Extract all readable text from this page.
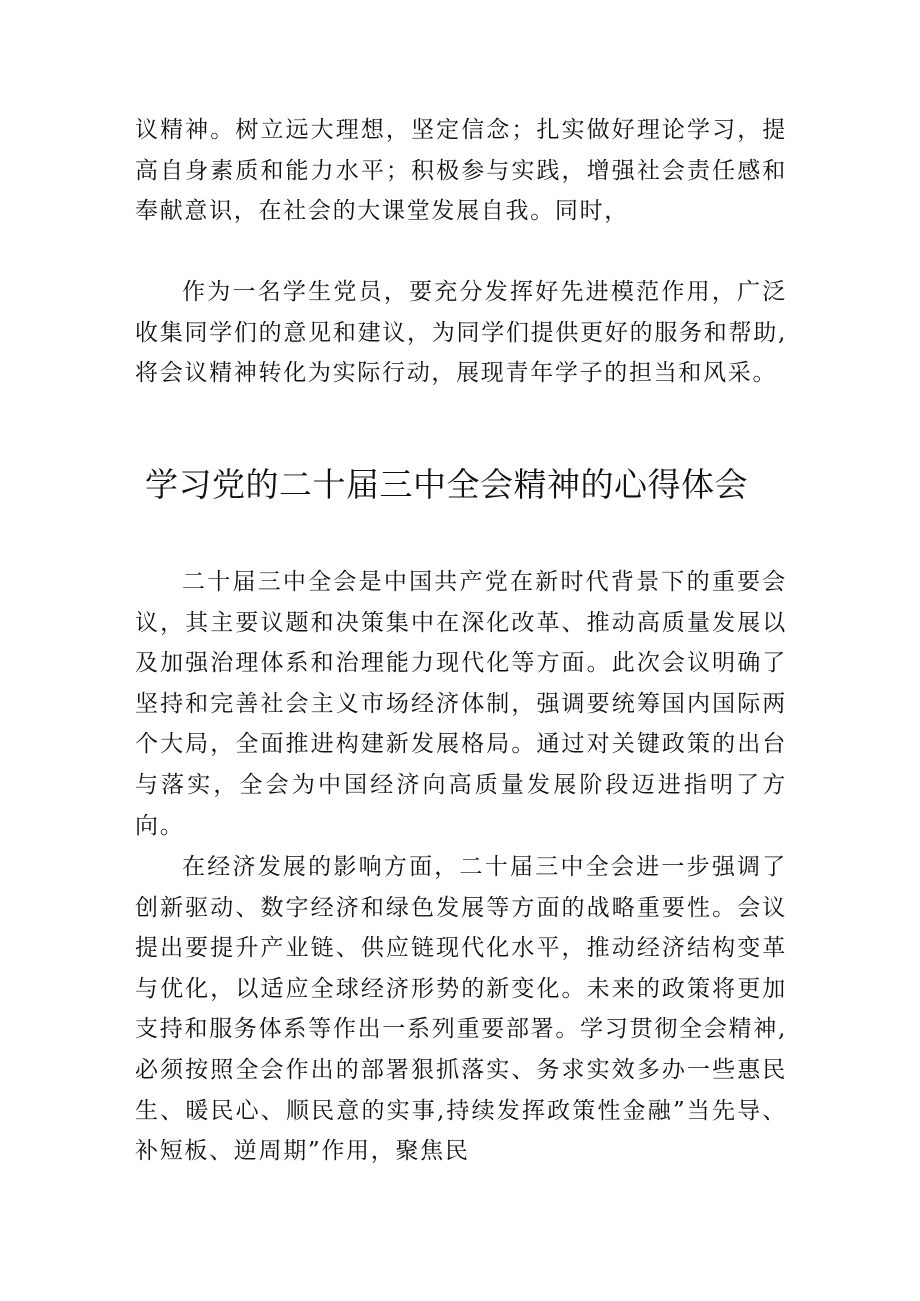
议精神。树立远大理想，坚定信念；扎实做好理论学习，提高自身素质和能力水平；积极参与实践，增强社会责任感和奉献意识，在社会的大课堂发展自我。同时，

作为一名学生党员，要充分发挥好先进模范作用，广泛收集同学们的意见和建议，为同学们提供更好的服务和帮助,将会议精神转化为实际行动，展现青年学子的担当和风采。

学习党的二十届三中全会精神的心得体会

二十届三中全会是中国共产党在新时代背景下的重要会议，其主要议题和决策集中在深化改革、推动高质量发展以及加强治理体系和治理能力现代化等方面。此次会议明确了坚持和完善社会主义市场经济体制，强调要统筹国内国际两个大局，全面推进构建新发展格局。通过对关键政策的出台与落实，全会为中国经济向高质量发展阶段迈进指明了方向。

在经济发展的影响方面，二十届三中全会进一步强调了创新驱动、数字经济和绿色发展等方面的战略重要性。会议提出要提升产业链、供应链现代化水平，推动经济结构变革与优化，以适应全球经济形势的新变化。未来的政策将更加支持和服务体系等作出一系列重要部署。学习贯彻全会精神,必须按照全会作出的部署狠抓落实、务求实效多办一些惠民生、暖民心、顺民意的实事,持续发挥政策性金融”当先导、补短板、逆周期”作用，聚焦民
